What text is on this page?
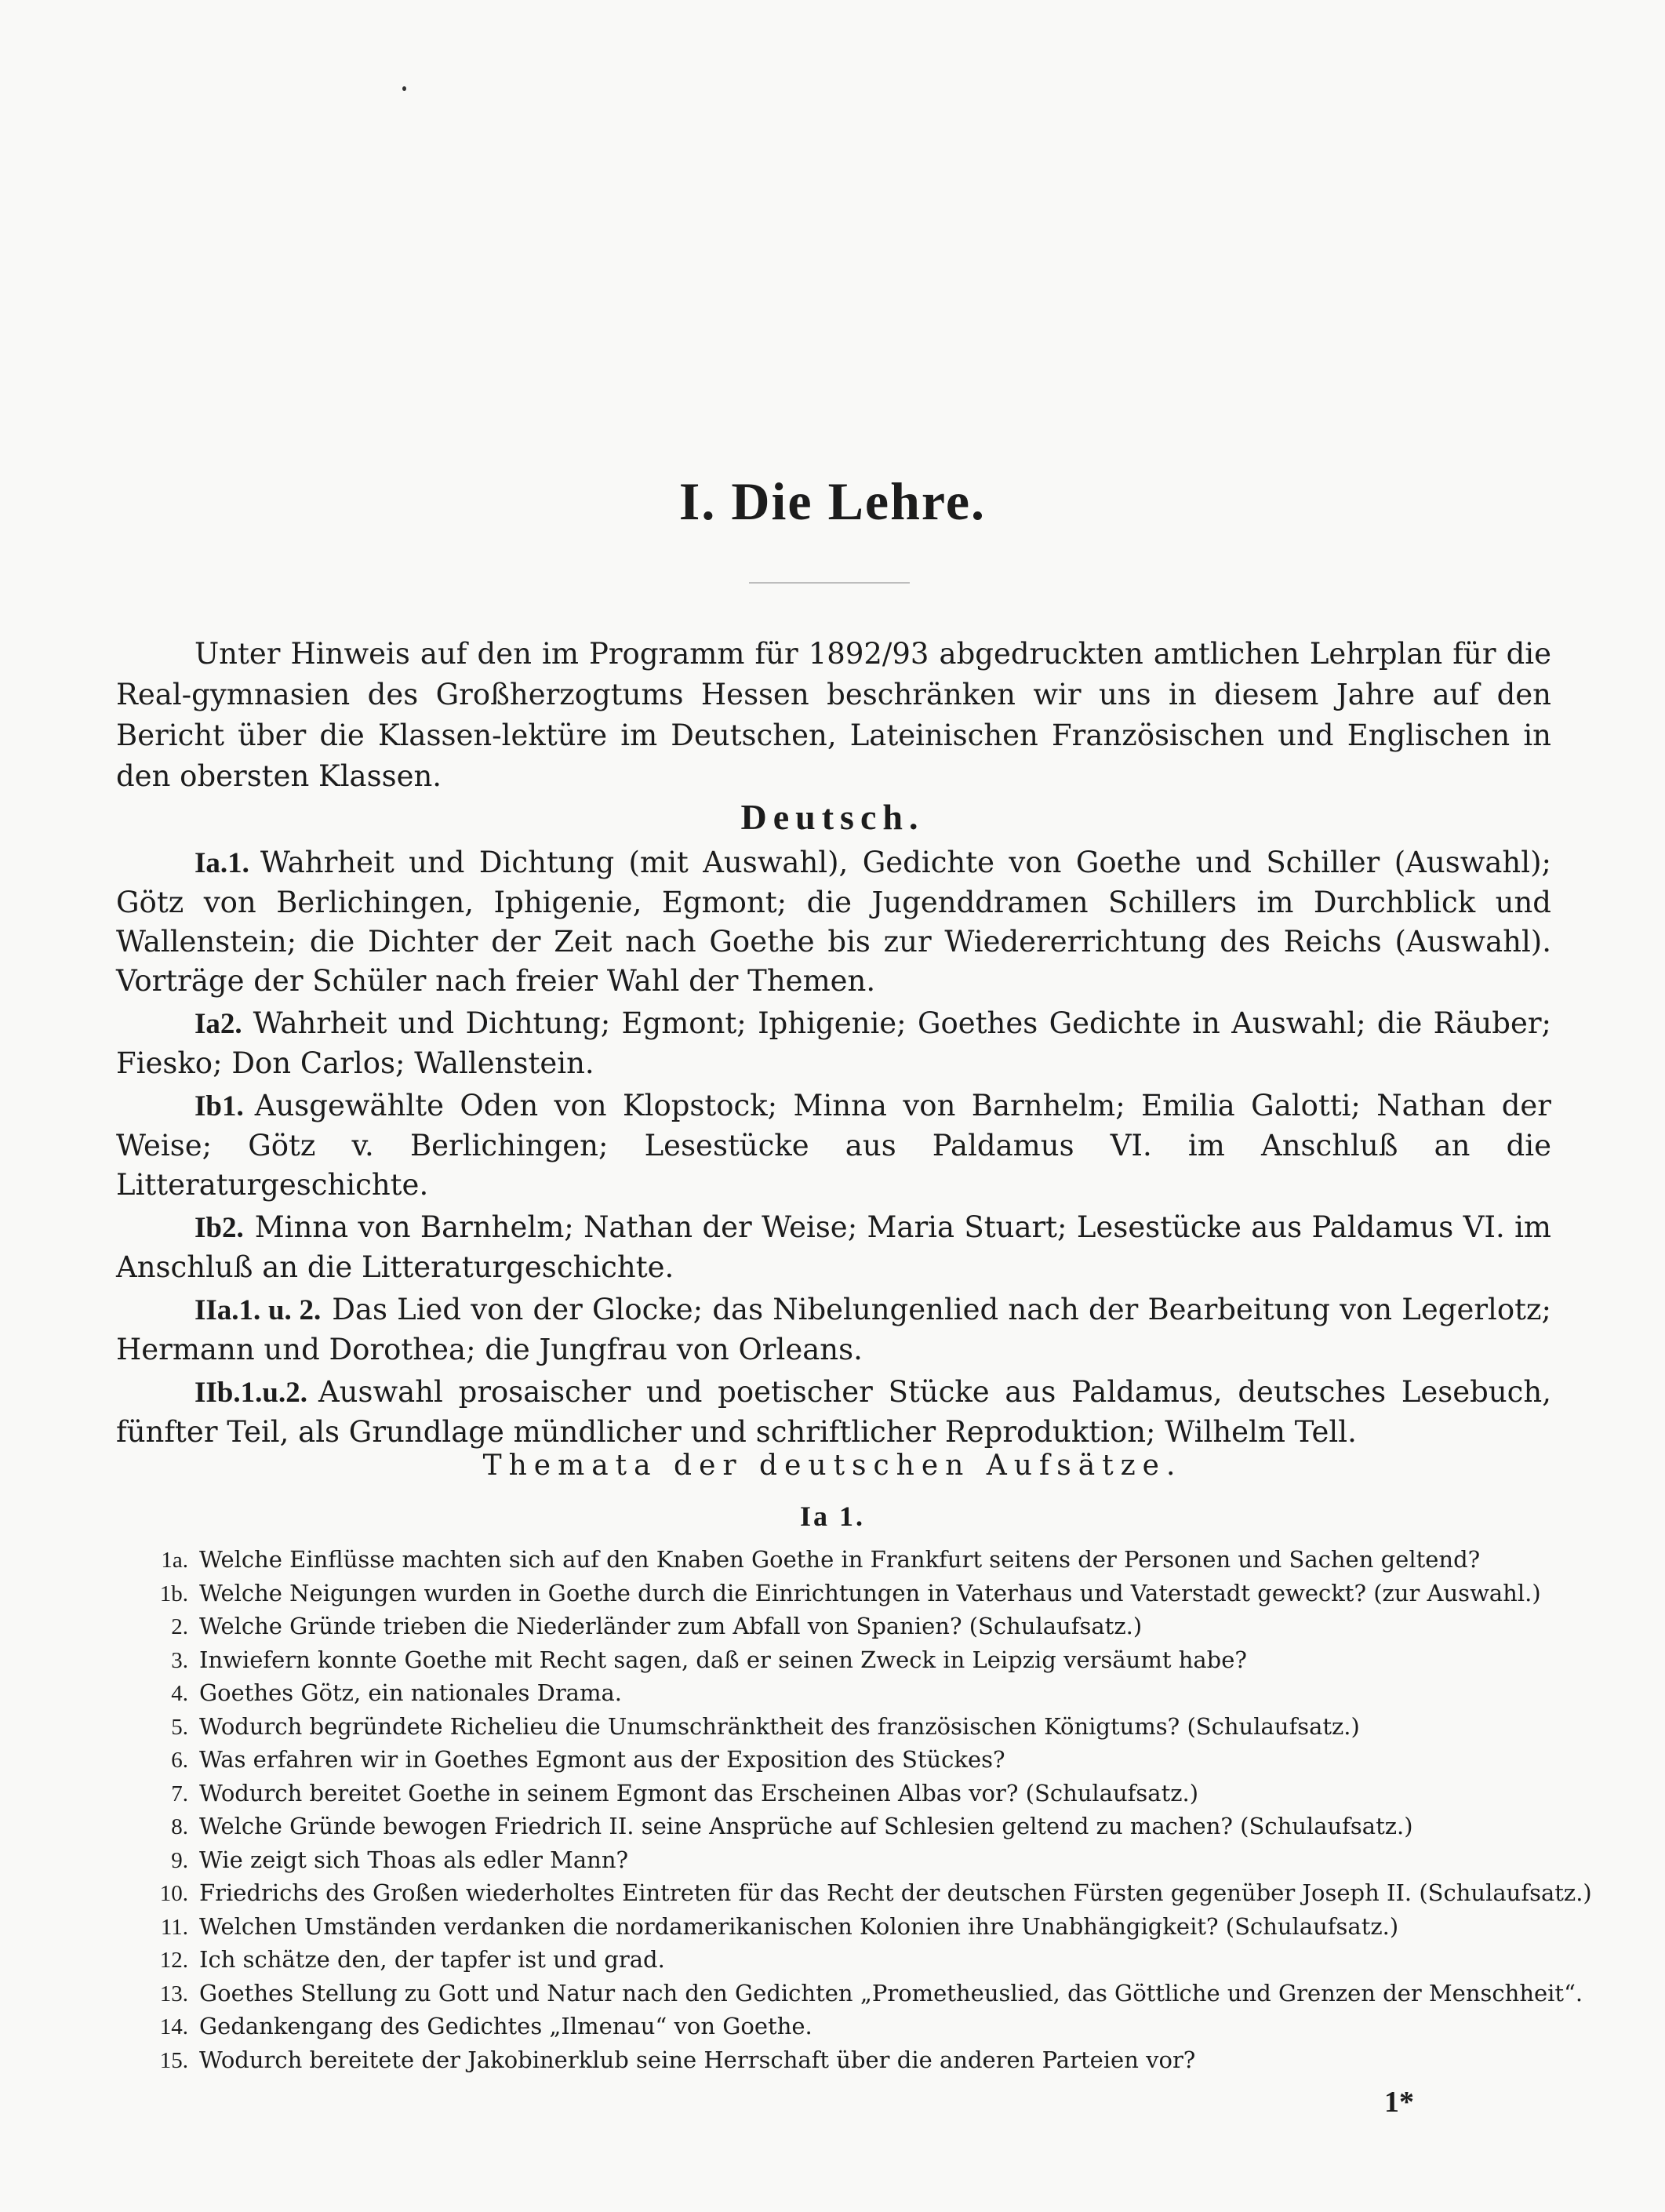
I. Die Lehre.

Unter Hinweis auf den im Programm für 1892/93 abgedruckten amtlichen Lehrplan für die Real-gymnasien des Großherzogtums Hessen beschränken wir uns in diesem Jahre auf den Bericht über die Klassen-lektüre im Deutschen, Lateinischen Französischen und Englischen in den obersten Klassen.

Deutsch.
Ia.1. Wahrheit und Dichtung (mit Auswahl), Gedichte von Goethe und Schiller (Auswahl); Götz von Berlichingen, Iphigenie, Egmont; die Jugenddramen Schillers im Durchblick und Wallenstein; die Dichter der Zeit nach Goethe bis zur Wiedererrichtung des Reichs (Auswahl). Vorträge der Schüler nach freier Wahl der Themen.
Ia2. Wahrheit und Dichtung; Egmont; Iphigenie; Goethes Gedichte in Auswahl; die Räuber; Fiesko; Don Carlos; Wallenstein.
Ib1. Ausgewählte Oden von Klopstock; Minna von Barnhelm; Emilia Galotti; Nathan der Weise; Götz v. Berlichingen; Lesestücke aus Paldamus VI. im Anschluß an die Litteraturgeschichte.
Ib2. Minna von Barnhelm; Nathan der Weise; Maria Stuart; Lesestücke aus Paldamus VI. im Anschluß an die Litteraturgeschichte.
IIa.1. u. 2. Das Lied von der Glocke; das Nibelungenlied nach der Bearbeitung von Legerlotz; Hermann und Dorothea; die Jungfrau von Orleans.
IIb.1.u.2. Auswahl prosaischer und poetischer Stücke aus Paldamus, deutsches Lesebuch, fünfter Teil, als Grundlage mündlicher und schriftlicher Reproduktion; Wilhelm Tell.
Themata der deutschen Aufsätze.
Ia 1.
1a. Welche Einflüsse machten sich auf den Knaben Goethe in Frankfurt seitens der Personen und Sachen geltend?
1b. Welche Neigungen wurden in Goethe durch die Einrichtungen in Vaterhaus und Vaterstadt geweckt? (zur Auswahl.)
2. Welche Gründe trieben die Niederländer zum Abfall von Spanien? (Schulaufsatz.)
3. Inwiefern konnte Goethe mit Recht sagen, daß er seinen Zweck in Leipzig versäumt habe?
4. Goethes Götz, ein nationales Drama.
5. Wodurch begründete Richelieu die Unumschränktheit des französischen Königtums? (Schulaufsatz.)
6. Was erfahren wir in Goethes Egmont aus der Exposition des Stückes?
7. Wodurch bereitet Goethe in seinem Egmont das Erscheinen Albas vor? (Schulaufsatz.)
8. Welche Gründe bewogen Friedrich II. seine Ansprüche auf Schlesien geltend zu machen? (Schulaufsatz.)
9. Wie zeigt sich Thoas als edler Mann?
10. Friedrichs des Großen wiederholtes Eintreten für das Recht der deutschen Fürsten gegenüber Joseph II. (Schulaufsatz.)
11. Welchen Umständen verdanken die nordamerikanischen Kolonien ihre Unabhängigkeit? (Schulaufsatz.)
12. Ich schätze den, der tapfer ist und grad.
13. Goethes Stellung zu Gott und Natur nach den Gedichten „Prometheuslied, das Göttliche und Grenzen der Menschheit“.
14. Gedankengang des Gedichtes „Ilmenau“ von Goethe.
15. Wodurch bereitete der Jakobinerklub seine Herrschaft über die anderen Parteien vor?
1*
